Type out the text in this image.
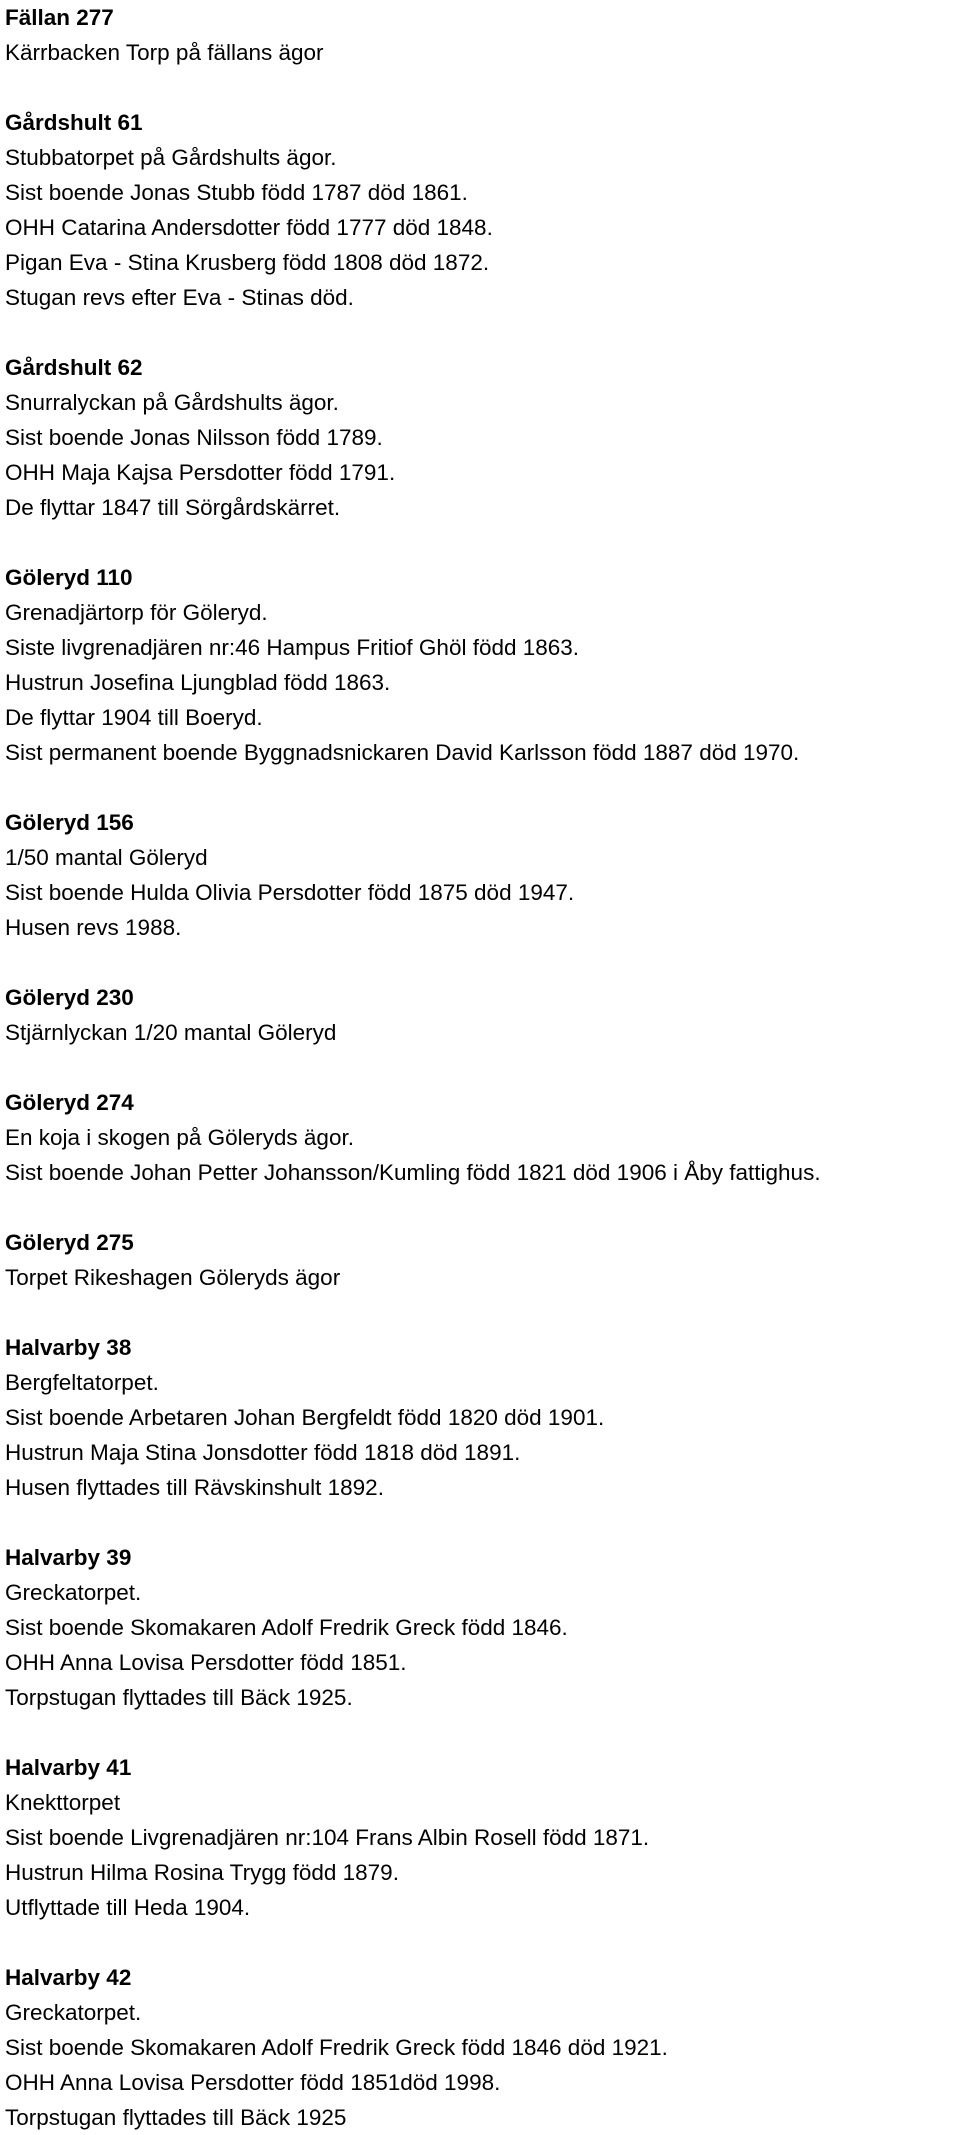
Fällan 277
Kärrbacken Torp på fällans ägor
Gårdshult 61
Stubbatorpet på Gårdshults ägor.
Sist boende Jonas Stubb född 1787 död 1861.
OHH Catarina Andersdotter född 1777 död 1848.
Pigan Eva - Stina Krusberg född 1808 död 1872.
Stugan revs efter Eva - Stinas död.
Gårdshult 62
Snurralyckan på Gårdshults ägor.
Sist boende Jonas Nilsson född 1789.
OHH Maja Kajsa Persdotter född 1791.
De flyttar 1847 till Sörgårdskärret.
Göleryd 110
Grenadjärtorp för Göleryd.
Siste livgrenadjären nr:46 Hampus Fritiof Ghöl född 1863.
Hustrun Josefina Ljungblad född 1863.
De flyttar 1904 till Boeryd.
Sist permanent boende Byggnadsnickaren David Karlsson född 1887 död 1970.
Göleryd 156
1/50 mantal Göleryd
Sist boende Hulda Olivia Persdotter född 1875 död 1947.
Husen revs 1988.
Göleryd 230
Stjärnlyckan 1/20 mantal Göleryd
Göleryd 274
En koja i skogen på Göleryds ägor.
Sist boende Johan Petter Johansson/Kumling född 1821 död 1906 i Åby fattighus.
Göleryd 275
Torpet Rikeshagen Göleryds ägor
Halvarby 38
Bergfeltatorpet.
Sist boende Arbetaren Johan Bergfeldt född 1820 död 1901.
Hustrun Maja Stina Jonsdotter född 1818 död 1891.
Husen flyttades till Rävskinshult 1892.
Halvarby 39
Greckatorpet.
Sist boende Skomakaren Adolf Fredrik Greck född 1846.
OHH Anna Lovisa Persdotter född 1851.
Torpstugan flyttades till Bäck 1925.
Halvarby 41
Knekttorpet
Sist boende Livgrenadjären nr:104 Frans Albin Rosell född 1871.
Hustrun Hilma Rosina Trygg född 1879.
Utflyttade till Heda 1904.
Halvarby 42
Greckatorpet.
Sist boende Skomakaren Adolf Fredrik Greck född 1846 död 1921.
OHH Anna Lovisa Persdotter född 1851död 1998.
Torpstugan flyttades till Bäck 1925
